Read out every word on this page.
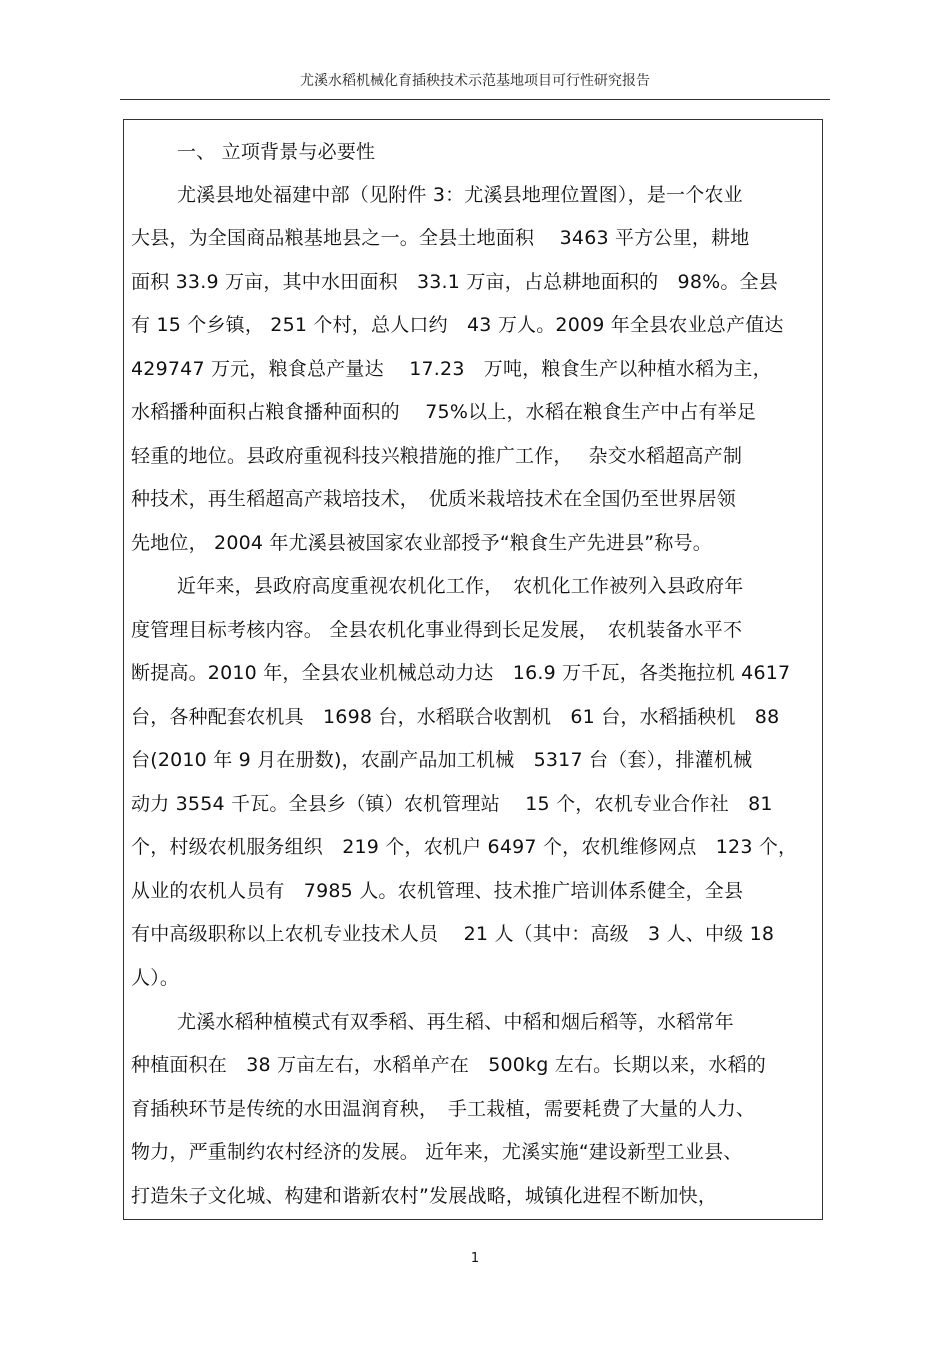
尤溪水稻机械化育插秧技术示范基地项目可行性研究报告
一、 立项背景与必要性
尤溪县地处福建中部（见附件 3：尤溪县地理位置图），是一个农业
大县，为全国商品粮基地县之一。全县土地面积　 3463 平方公里，耕地
面积 33.9 万亩，其中水田面积　33.1 万亩，占总耕地面积的　98%。全县
有 15 个乡镇， 251 个村，总人口约　43 万人。2009 年全县农业总产值达
429747 万元，粮食总产量达　 17.23　万吨，粮食生产以种植水稻为主，
水稻播种面积占粮食播种面积的　 75%以上，水稻在粮食生产中占有举足
轻重的地位。县政府重视科技兴粮措施的推广工作，　 杂交水稻超高产制
种技术，再生稻超高产栽培技术，　优质米栽培技术在全国仍至世界居领
先地位， 2004 年尤溪县被国家农业部授予“粮食生产先进县”称号。
近年来，县政府高度重视农机化工作，　农机化工作被列入县政府年
度管理目标考核内容。 全县农机化事业得到长足发展，　农机装备水平不
断提高。2010 年，全县农业机械总动力达　16.9 万千瓦，各类拖拉机 4617
台，各种配套农机具　1698 台，水稻联合收割机　61 台，水稻插秧机　88
台(2010 年 9 月在册数)，农副产品加工机械　5317 台（套），排灌机械
动力 3554 千瓦。全县乡（镇）农机管理站　 15 个，农机专业合作社　81
个，村级农机服务组织　219 个，农机户 6497 个，农机维修网点　123 个，
从业的农机人员有　7985 人。农机管理、技术推广培训体系健全，全县
有中高级职称以上农机专业技术人员　 21 人（其中：高级　3 人、中级 18
人）。
尤溪水稻种植模式有双季稻、再生稻、中稻和烟后稻等，水稻常年
种植面积在　38 万亩左右，水稻单产在　500kg 左右。长期以来，水稻的
育插秧环节是传统的水田温润育秧，　手工栽植，需要耗费了大量的人力、
物力，严重制约农村经济的发展。 近年来，尤溪实施“建设新型工业县、
打造朱子文化城、构建和谐新农村”发展战略，城镇化进程不断加快，
1
